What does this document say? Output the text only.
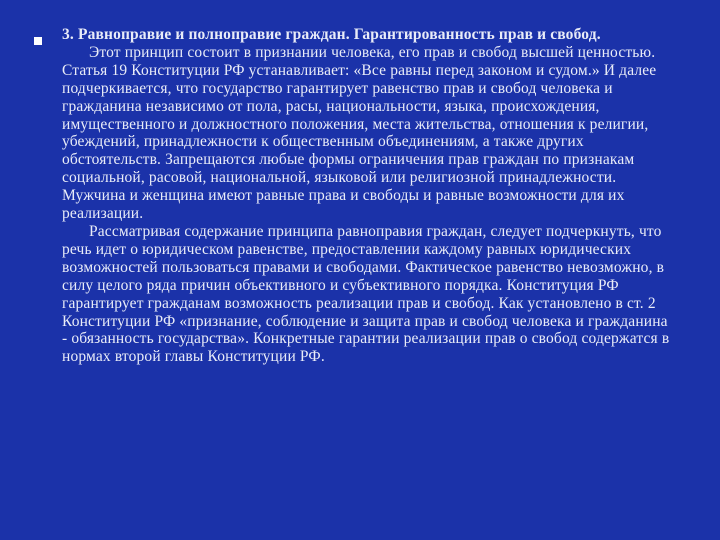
3. Равноправие и полноправие граждан. Гарантированность прав и свобод.

Этот принцип состоит в признании человека, его прав и свобод высшей ценностью. Статья 19 Конституции РФ устанавливает: «Все равны перед законом и судом.» И далее подчеркивается, что государство гарантирует равенство прав и свобод человека и гражданина независимо от пола, расы, национальности, языка, происхождения, имущественного и должностного положения, места жительства, отношения к религии, убеждений, принадлежности к общественным объединениям, а также других обстоятельств. Запрещаются любые формы ограничения прав граждан по признакам социальной, расовой, национальной, языковой или религиозной принадлежности. Мужчина и женщина имеют равные права и свободы и равные возможности для их реализации.

Рассматривая содержание принципа равноправия граждан, следует подчеркнуть, что речь идет о юридическом равенстве, предоставлении каждому равных юридических возможностей пользоваться правами и свободами. Фактическое равенство невозможно, в силу целого ряда причин объективного и субъективного порядка. Конституция РФ гарантирует гражданам возможность реализации прав и свобод. Как установлено в ст. 2 Конституции РФ «признание, соблюдение и защита прав и свобод человека и гражданина - обязанность государства». Конкретные гарантии реализации прав о свобод содержатся в нормах второй главы Конституции РФ.
